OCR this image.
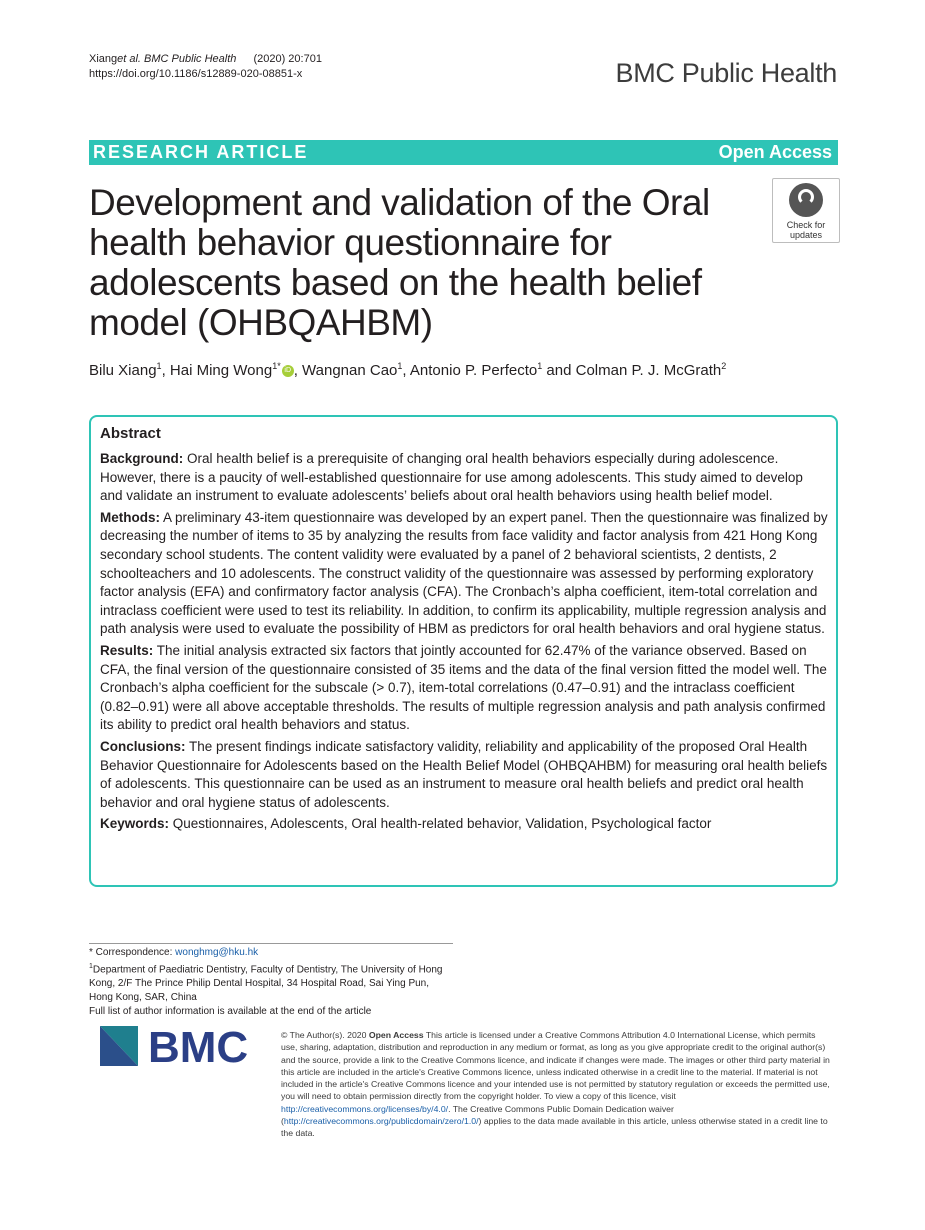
Xianget al. BMC Public Health (2020) 20:701
https://doi.org/10.1186/s12889-020-08851-x	BMC Public Health
RESEARCH ARTICLE	Open Access
Development and validation of the Oral health behavior questionnaire for adolescents based on the health belief model (OHBQAHBM)
Check for
updates
Bilu Xiang$^1$, Hai Ming Wong$^{1*}$ iD , Wangnan Cao$^1$, Antonio P. Perfecto$^1$ and Colman P. J. McGrath$^2$
Abstract

Background: Oral health belief is a prerequisite of changing oral health behaviors especially during adolescence. However, there is a paucity of well-established questionnaire for use among adolescents. This study aimed to develop and validate an instrument to evaluate adolescents’ beliefs about oral health behaviors using health belief model.

Methods: A preliminary 43-item questionnaire was developed by an expert panel. Then the questionnaire was finalized by decreasing the number of items to 35 by analyzing the results from face validity and factor analysis from 421 Hong Kong secondary school students. The content validity were evaluated by a panel of 2 behavioral scientists, 2 dentists, 2 schoolteachers and 10 adolescents. The construct validity of the questionnaire was assessed by performing exploratory factor analysis (EFA) and confirmatory factor analysis (CFA). The Cronbach’s alpha coefficient, item-total correlation and intraclass coefficient were used to test its reliability. In addition, to confirm its applicability, multiple regression analysis and path analysis were used to evaluate the possibility of HBM as predictors for oral health behaviors and oral hygiene status.

Results: The initial analysis extracted six factors that jointly accounted for 62.47% of the variance observed. Based on CFA, the final version of the questionnaire consisted of 35 items and the data of the final version fitted the model well. The Cronbach’s alpha coefficient for the subscale (> 0.7), item-total correlations (0.47–0.91) and the intraclass coefficient (0.82–0.91) were all above acceptable thresholds. The results of multiple regression analysis and path analysis confirmed its ability to predict oral health behaviors and status.

Conclusions: The present findings indicate satisfactory validity, reliability and applicability of the proposed Oral Health Behavior Questionnaire for Adolescents based on the Health Belief Model (OHBQAHBM) for measuring oral health beliefs of adolescents. This questionnaire can be used as an instrument to measure oral health beliefs and predict oral health behavior and oral hygiene status of adolescents.

Keywords: Questionnaires, Adolescents, Oral health-related behavior, Validation, Psychological factor

* Correspondence: wonghmg@hku.hk
$^1$Department of Paediatric Dentistry, Faculty of Dentistry, The University of Hong Kong, 2/F The Prince Philip Dental Hospital, 34 Hospital Road, Sai Ying Pun, Hong Kong, SAR, China
Full list of author information is available at the end of the article
BMC	© The Author(s). 2020 Open Access This article is licensed under a Creative Commons Attribution 4.0 International License, which permits use, sharing, adaptation, distribution and reproduction in any medium or format, as long as you give appropriate credit to the original author(s) and the source, provide a link to the Creative Commons licence, and indicate if changes were made. The images or other third party material in this article are included in the article's Creative Commons licence, unless indicated otherwise in a credit line to the material. If material is not included in the article's Creative Commons licence and your intended use is not permitted by statutory regulation or exceeds the permitted use, you will need to obtain permission directly from the copyright holder. To view a copy of this licence, visit http://creativecommons.org/licenses/by/4.0/. The Creative Commons Public Domain Dedication waiver (http://creativecommons.org/publicdomain/zero/1.0/) applies to the data made available in this article, unless otherwise stated in a credit line to the data.
